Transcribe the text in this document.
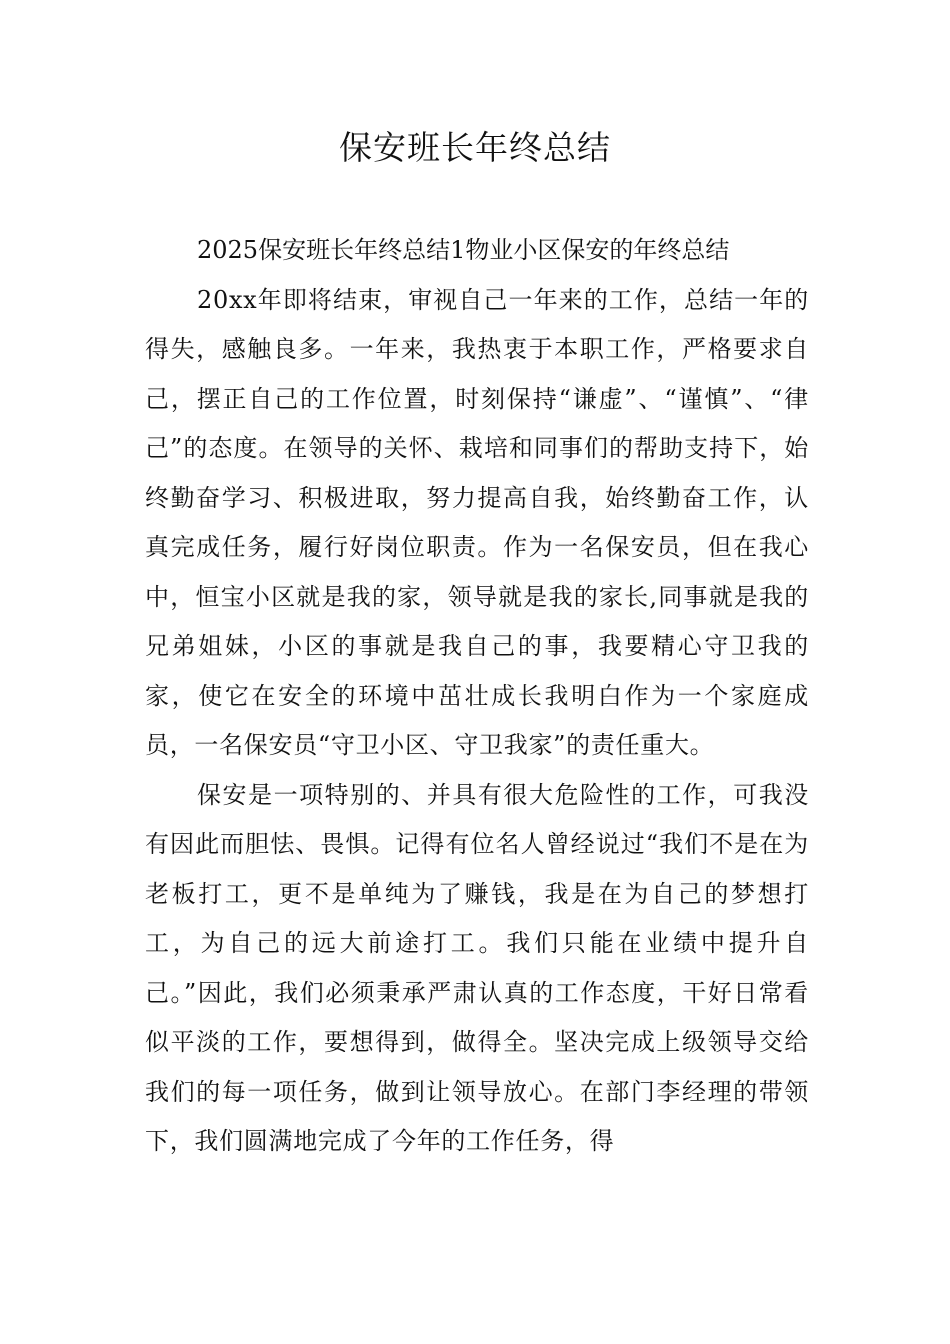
保安班长年终总结

2025保安班长年终总结1物业小区保安的年终总结

20xx年即将结束，审视自己一年来的工作，总结一年的得失，感触良多。一年来，我热衷于本职工作，严格要求自己，摆正自己的工作位置，时刻保持“谦虚”、“谨慎”、“律己”的态度。在领导的关怀、栽培和同事们的帮助支持下，始终勤奋学习、积极进取，努力提高自我，始终勤奋工作，认真完成任务，履行好岗位职责。作为一名保安员，但在我心中，恒宝小区就是我的家，领导就是我的家长,同事就是我的兄弟姐妹，小区的事就是我自己的事，我要精心守卫我的家，使它在安全的环境中茁壮成长我明白作为一个家庭成员，一名保安员“守卫小区、守卫我家”的责任重大。

保安是一项特别的、并具有很大危险性的工作，可我没有因此而胆怯、畏惧。记得有位名人曾经说过“我们不是在为老板打工，更不是单纯为了赚钱，我是在为自己的梦想打工，为自己的远大前途打工。我们只能在业绩中提升自己。”因此，我们必须秉承严肃认真的工作态度，干好日常看似平淡的工作，要想得到，做得全。坚决完成上级领导交给我们的每一项任务，做到让领导放心。在部门李经理的带领下，我们圆满地完成了今年的工作任务，得
